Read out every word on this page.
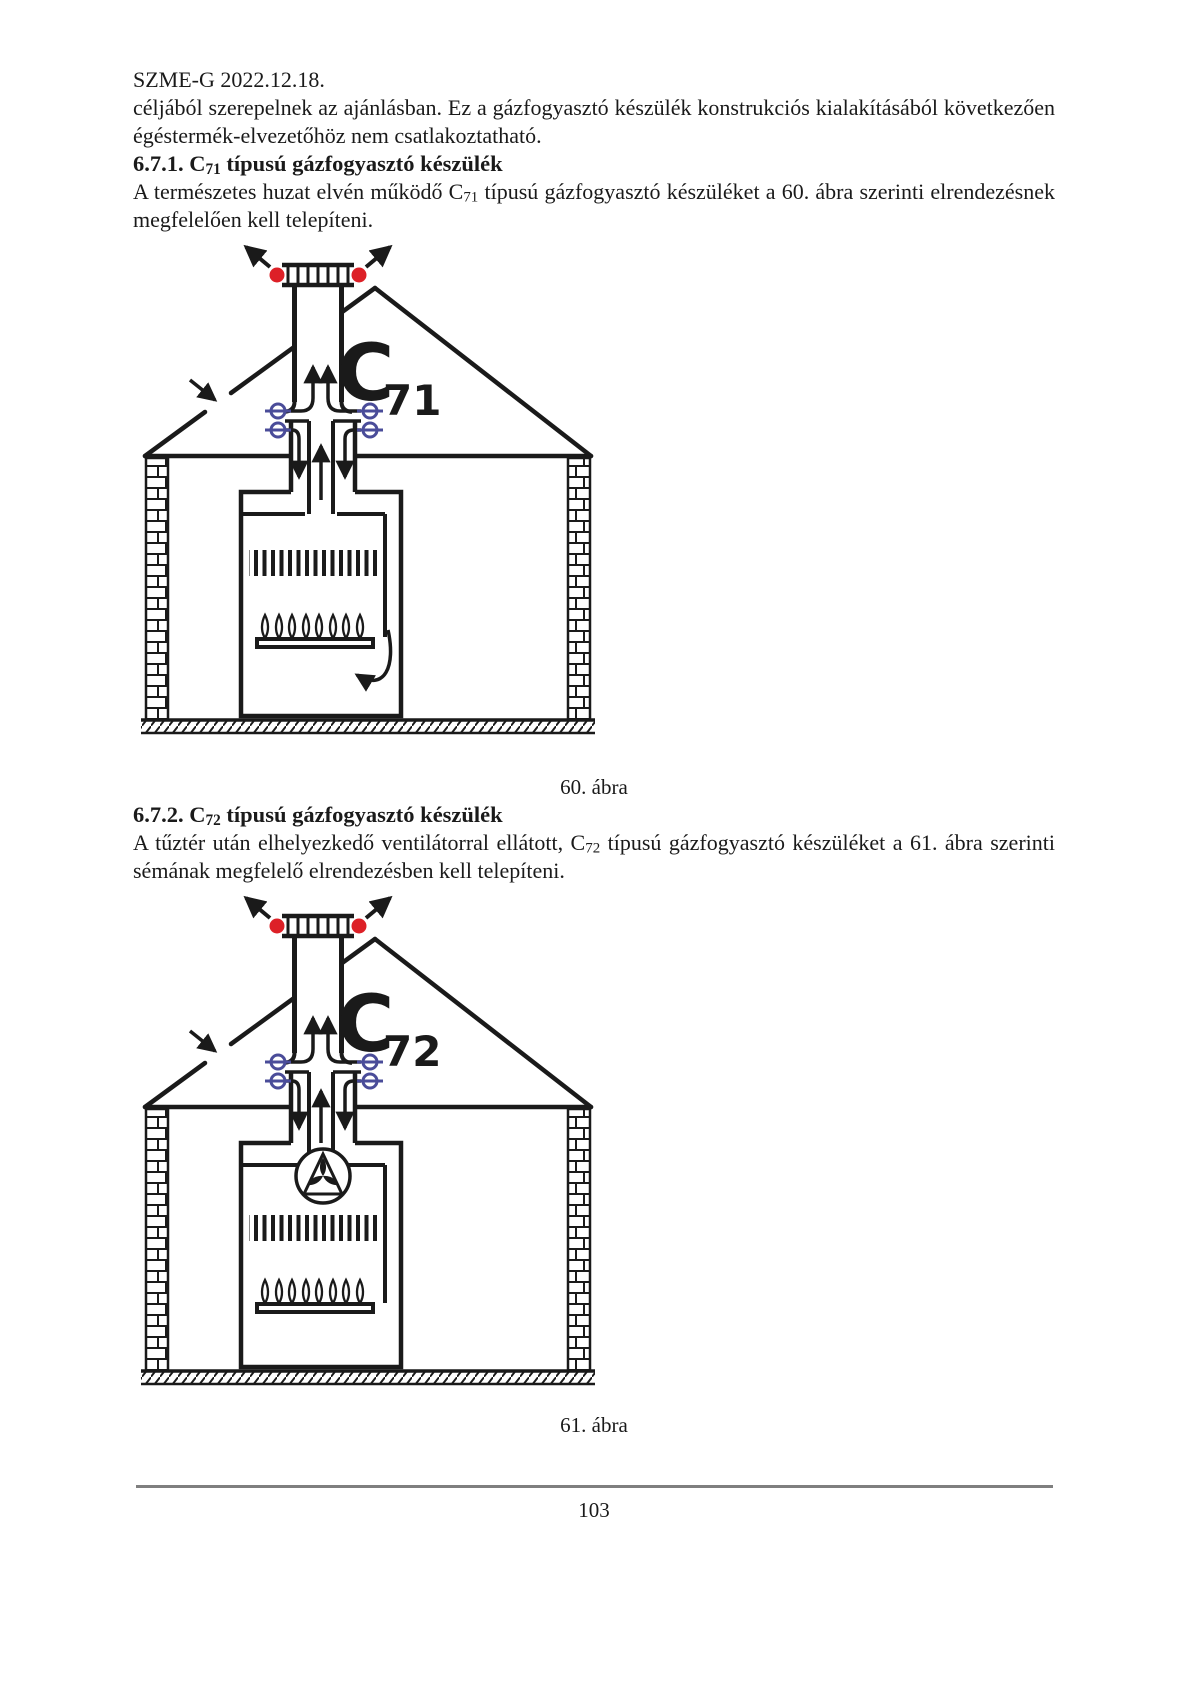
SZME-G 2022.12.18.

céljából szerepelnek az ajánlásban. Ez a gázfogyasztó készülék konstrukciós kialakításából következően égéstermék-elvezetőhöz nem csatlakoztatható.

6.7.1. $C_{71}$ típusú gázfogyasztó készülék

A természetes huzat elvén működő $C_{71}$ típusú gázfogyasztó készüléket a 60. ábra szerinti elrendezésnek megfelelően kell telepíteni.

C71
60. ábra
6.7.2. $C_{72}$ típusú gázfogyasztó készülék

A tűztér után elhelyezkedő ventilátorral ellátott, $C_{72}$ típusú gázfogyasztó készüléket a 61. ábra szerinti sémának megfelelő elrendezésben kell telepíteni.

C72
61. ábra
103
